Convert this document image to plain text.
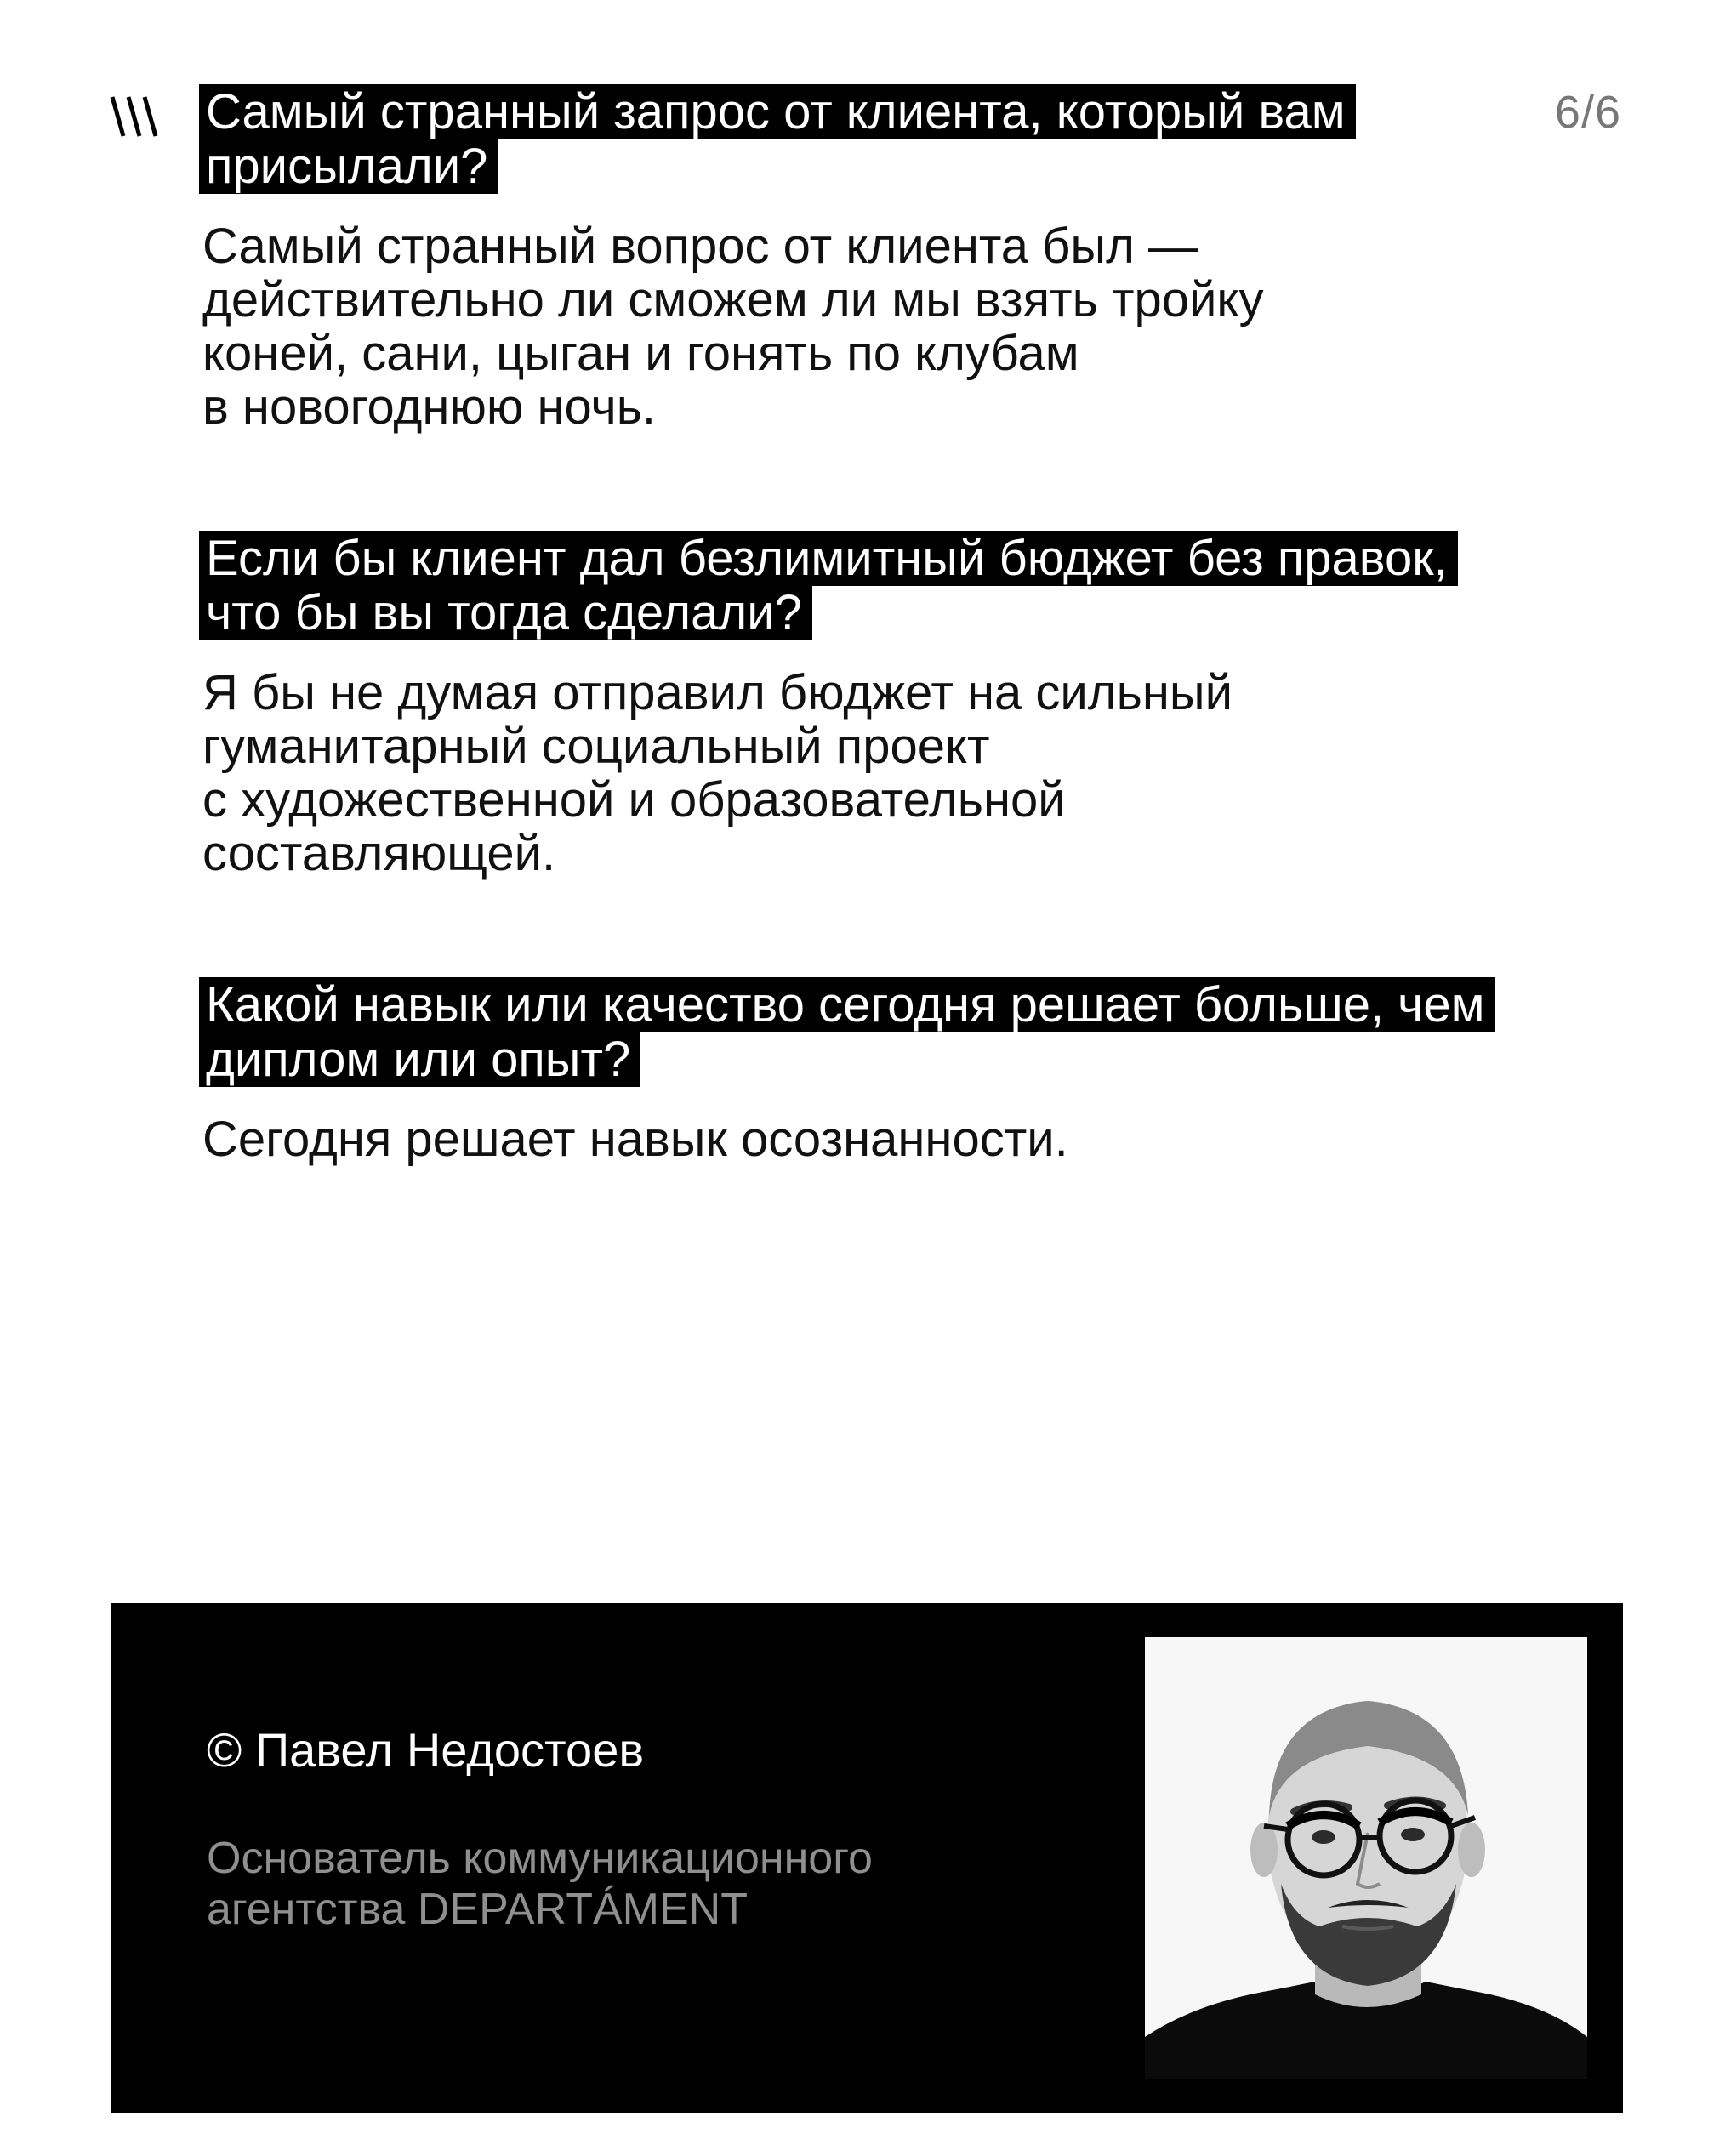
6/6
Самый странный запрос от клиента, который вам присылали?
Самый странный вопрос от клиента был —
действительно ли сможем ли мы взять тройку
коней, сани, цыган и гонять по клубам
в новогоднюю ночь.
Если бы клиент дал безлимитный бюджет без правок, что бы вы тогда сделали?
Я бы не думая отправил бюджет на сильный
гуманитарный социальный проект
с художественной и образовательной
составляющей.
Какой навык или качество сегодня решает больше, чем диплом или опыт?
Сегодня решает навык осознанности.
© Павел Недостоев
Основатель коммуникационного
агентства DEPARTÁMENT
